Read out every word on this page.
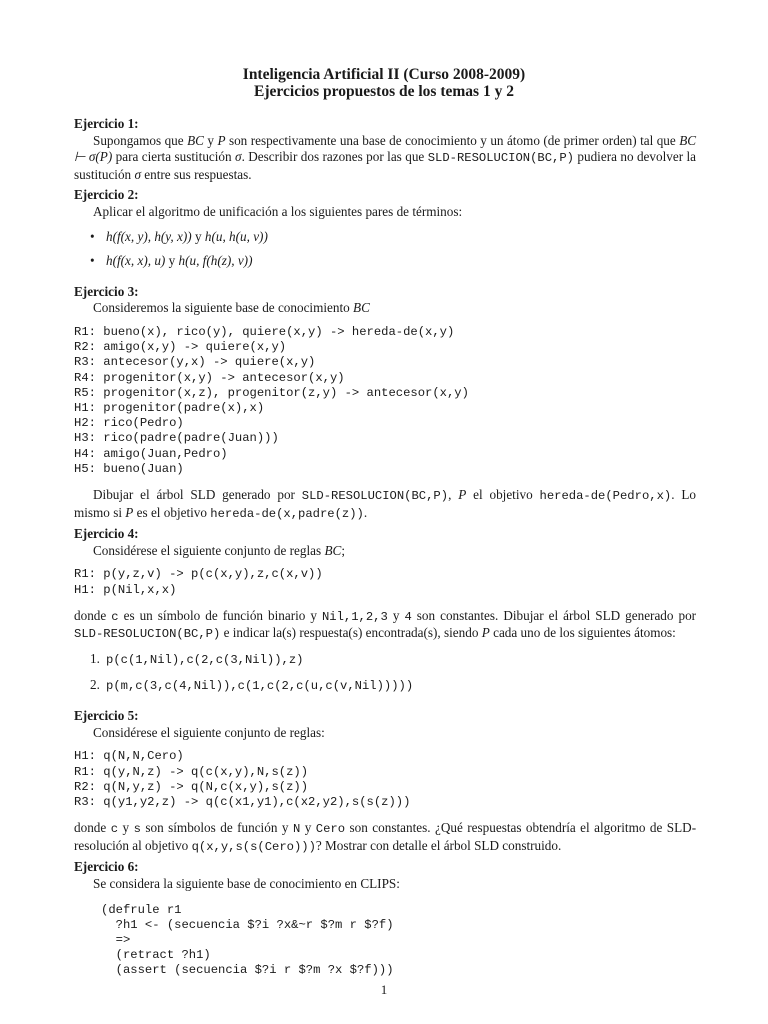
Inteligencia Artificial II (Curso 2008-2009)
Ejercicios propuestos de los temas 1 y 2

Ejercicio 1:

Supongamos que BC y P son respectivamente una base de conocimiento y un átomo (de primer orden) tal que BC ⊢ σ(P) para cierta sustitución σ. Describir dos razones por las que SLD-RESOLUCION(BC,P) pudiera no devolver la sustitución σ entre sus respuestas.

Ejercicio 2:

Aplicar el algoritmo de unificación a los siguientes pares de términos:

• h(f(x, y), h(y, x)) y h(u, h(u, v))
• h(f(x, x), u) y h(u, f(h(z), v))

Ejercicio 3:

Consideremos la siguiente base de conocimiento BC

R1: bueno(x), rico(y), quiere(x,y) -> hereda-de(x,y)
R2: amigo(x,y) -> quiere(x,y)
R3: antecesor(y,x) -> quiere(x,y)
R4: progenitor(x,y) -> antecesor(x,y)
R5: progenitor(x,z), progenitor(z,y) -> antecesor(x,y)
H1: progenitor(padre(x),x)
H2: rico(Pedro)
H3: rico(padre(padre(Juan)))
H4: amigo(Juan,Pedro)
H5: bueno(Juan)

Dibujar el árbol SLD generado por SLD-RESOLUCION(BC,P), P el objetivo hereda-de(Pedro,x). Lo mismo si P es el objetivo hereda-de(x,padre(z)).

Ejercicio 4:

Considérese el siguiente conjunto de reglas BC;

R1: p(y,z,v) -> p(c(x,y),z,c(x,v))
H1: p(Nil,x,x)

donde c es un símbolo de función binario y Nil,1,2,3 y 4 son constantes. Dibujar el árbol SLD generado por SLD-RESOLUCION(BC,P) e indicar la(s) respuesta(s) encontrada(s), siendo P cada uno de los siguientes átomos:

1. p(c(1,Nil),c(2,c(3,Nil)),z)
2. p(m,c(3,c(4,Nil)),c(1,c(2,c(u,c(v,Nil)))))

Ejercicio 5:

Considérese el siguiente conjunto de reglas:

H1: q(N,N,Cero)
R1: q(y,N,z) -> q(c(x,y),N,s(z))
R2: q(N,y,z) -> q(N,c(x,y),s(z))
R3: q(y1,y2,z) -> q(c(x1,y1),c(x2,y2),s(s(z)))

donde c y s son símbolos de función y N y Cero son constantes. ¿Qué respuestas obtendría el algoritmo de SLD-resolución al objetivo q(x,y,s(s(Cero)))? Mostrar con detalle el árbol SLD construido.

Ejercicio 6:

Se considera la siguiente base de conocimiento en CLIPS:

(defrule r1
?h1 <- (secuencia $?i ?x&~r $?m r $?f)
=>
(retract ?h1)
(assert (secuencia $?i r $?m ?x $?f)))
1
